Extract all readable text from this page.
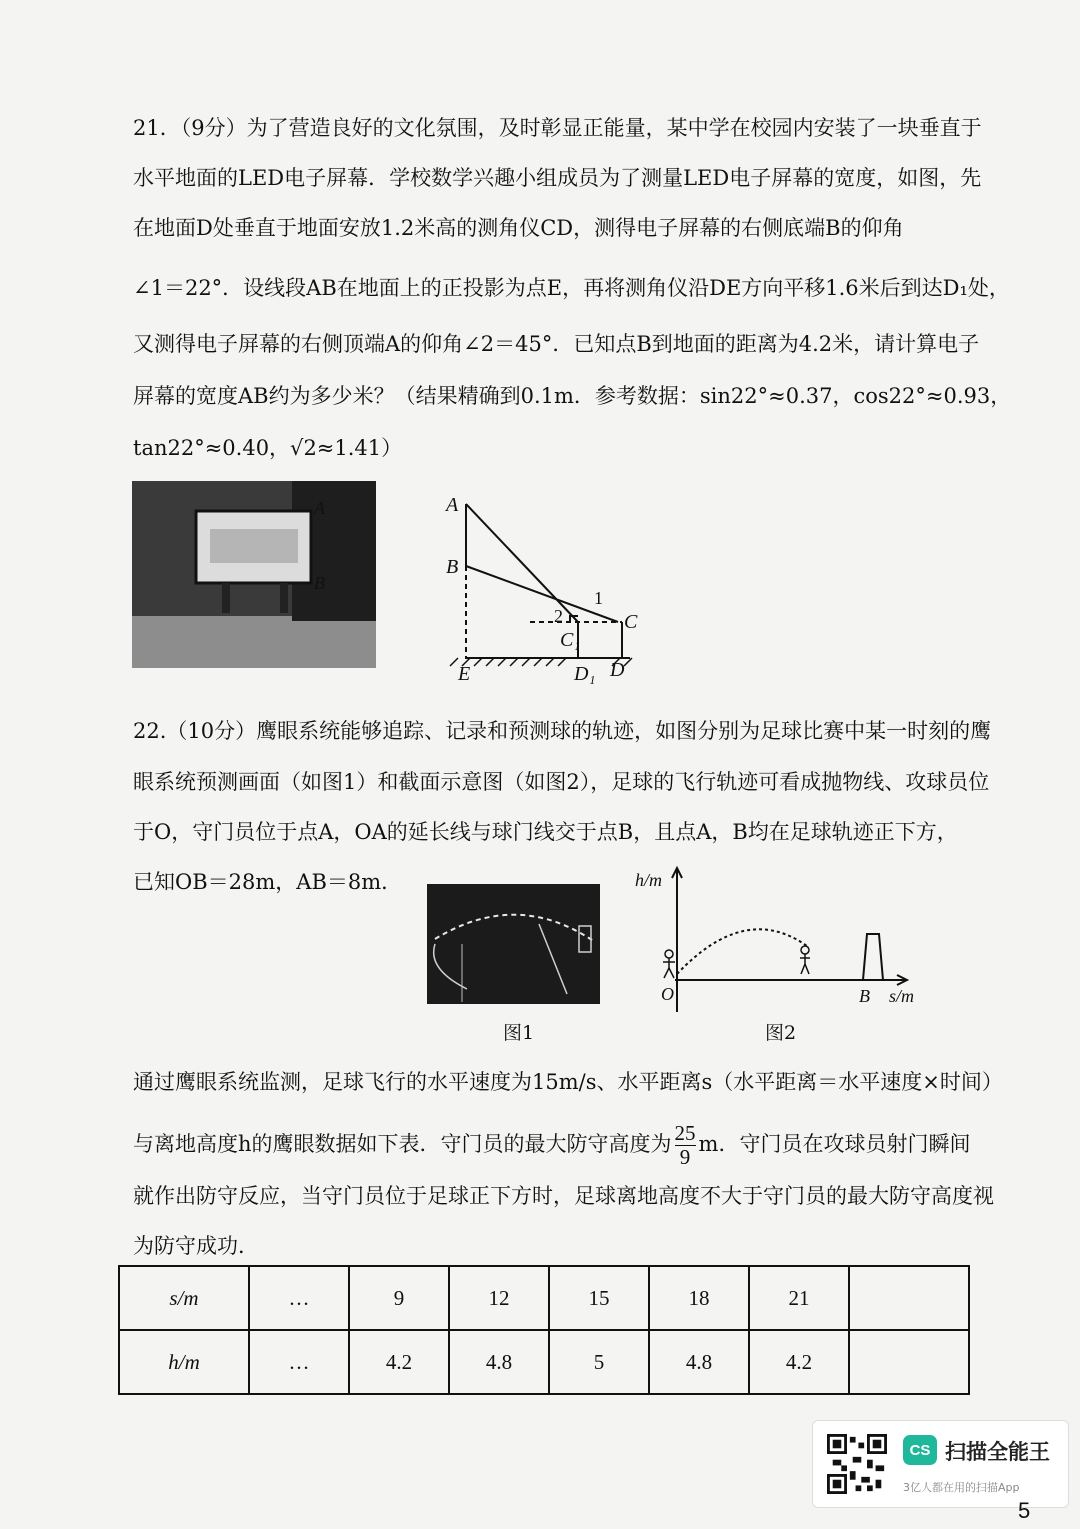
21．（9分）为了营造良好的文化氛围，及时彰显正能量，某中学在校园内安装了一块垂直于
水平地面的LED电子屏幕．学校数学兴趣小组成员为了测量LED电子屏幕的宽度，如图，先
在地面D处垂直于地面安放1.2米高的测角仪CD，测得电子屏幕的右侧底端B的仰角
∠1＝22°．设线段AB在地面上的正投影为点E，再将测角仪沿DE方向平移1.6米后到达D₁处，
又测得电子屏幕的右侧顶端A的仰角∠2＝45°．已知点B到地面的距离为4.2米，请计算电子
屏幕的宽度AB约为多少米？（结果精确到0.1m．参考数据：sin22°≈0.37，cos22°≈0.93，
tan22°≈0.40，√2≈1.41）
A
B
A
B
E
C
C₁
D
D₁
1
2
22.（10分）鹰眼系统能够追踪、记录和预测球的轨迹，如图分别为足球比赛中某一时刻的鹰
眼系统预测画面（如图1）和截面示意图（如图2），足球的飞行轨迹可看成抛物线、攻球员位
于O，守门员位于点A，OA的延长线与球门线交于点B，且点A，B均在足球轨迹正下方，
已知OB＝28m，AB＝8m．
图1
h/m
s/m
O	B
图2
通过鹰眼系统监测，足球飞行的水平速度为15m/s、水平距离s（水平距离＝水平速度×时间）
与离地高度h的鹰眼数据如下表．守门员的最大防守高度为 $\frac{25}{9}$ m．守门员在攻球员射门瞬间
就作出防守反应，当守门员位于足球正下方时，足球离地高度不大于守门员的最大防守高度视
为防守成功．
s/m	…	9	12	15	18	21	
h/m	…	4.2	4.8	5	4.8	4.2	
CS 扫描全能王
3亿人都在用的扫描App
5
